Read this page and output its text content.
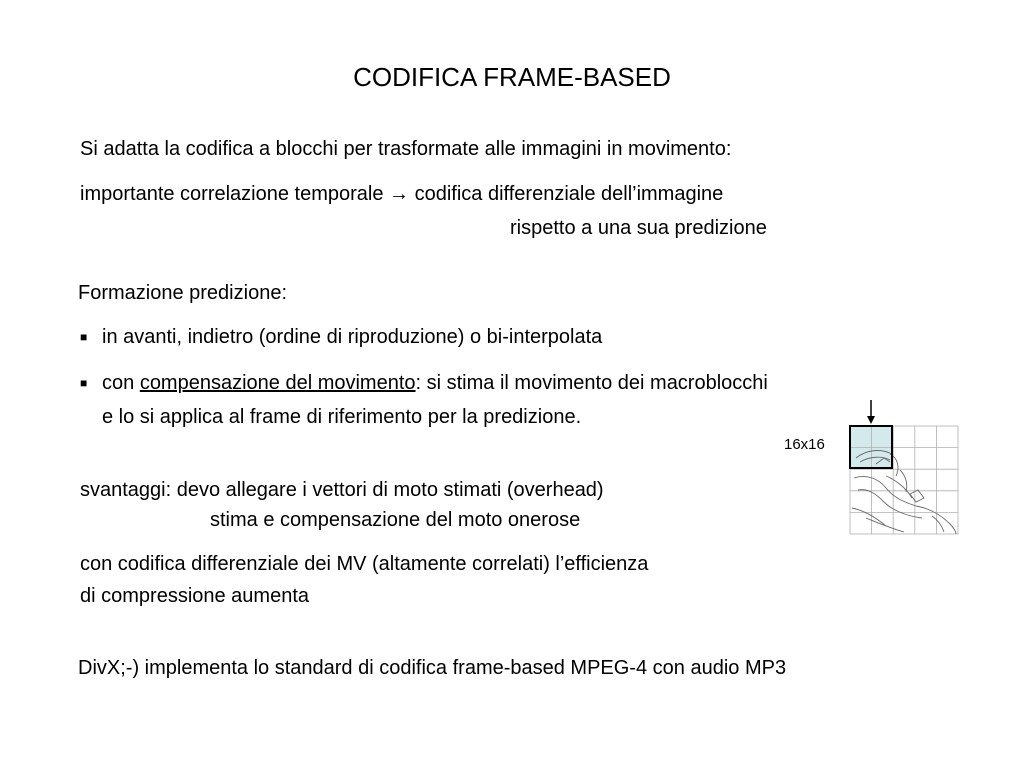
CODIFICA FRAME-BASED
Si adatta la codifica a blocchi per trasformate alle immagini in movimento:
importante correlazione temporale → codifica differenziale dell’immagine
rispetto a una sua predizione
Formazione predizione:
■ in avanti, indietro (ordine di riproduzione) o bi-interpolata
■ con compensazione del movimento: si stima il movimento dei macroblocchi
e lo si applica al frame di riferimento per la predizione.
16x16
svantaggi: devo allegare i vettori di moto stimati (overhead)
stima e compensazione del moto onerose
con codifica differenziale dei MV (altamente correlati) l’efficienza
di compressione aumenta
DivX;-) implementa lo standard di codifica frame-based MPEG-4 con audio MP3
